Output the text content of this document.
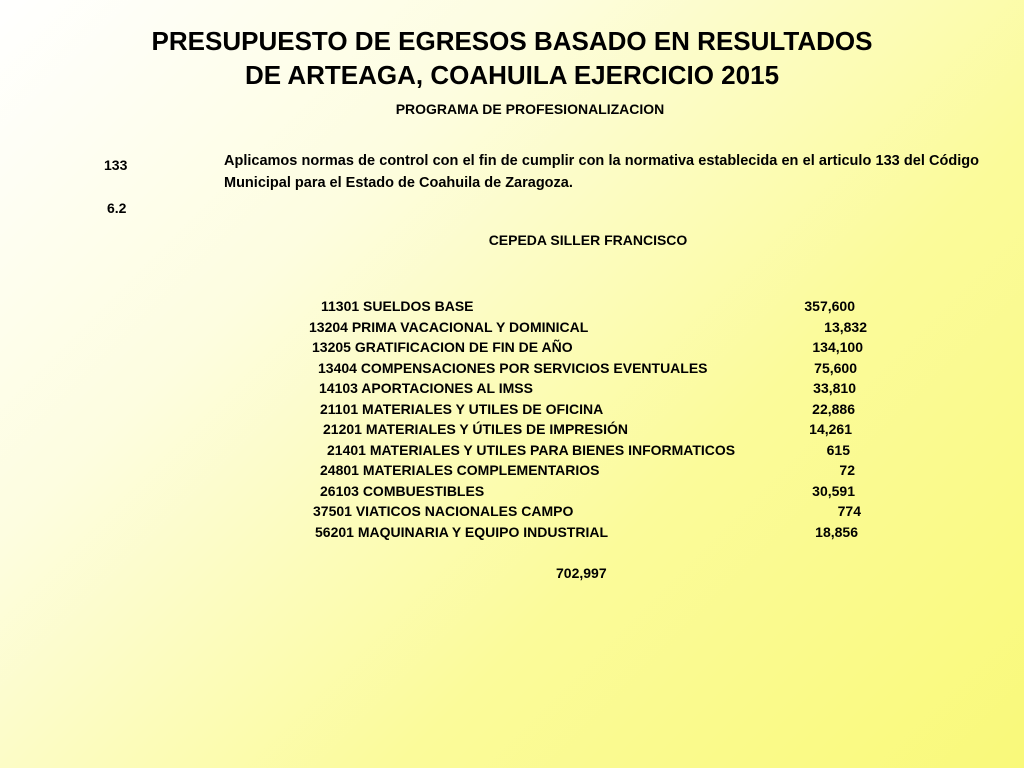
PRESUPUESTO DE EGRESOS BASADO EN RESULTADOS
DE ARTEAGA, COAHUILA EJERCICIO 2015
PROGRAMA DE PROFESIONALIZACION
133
6.2
Aplicamos normas de control con el fin de cumplir con la normativa establecida en el articulo 133 del Código Municipal para el Estado de Coahuila de Zaragoza.
CEPEDA SILLER FRANCISCO
11301 SUELDOS BASE	357,600
13204 PRIMA VACACIONAL Y DOMINICAL	13,832
13205 GRATIFICACION DE FIN DE AÑO	134,100
13404 COMPENSACIONES POR SERVICIOS EVENTUALES	75,600
14103 APORTACIONES AL IMSS	33,810
21101 MATERIALES Y UTILES DE OFICINA	22,886
21201 MATERIALES Y ÚTILES DE IMPRESIÓN	14,261
21401 MATERIALES Y UTILES PARA BIENES INFORMATICOS	615
24801 MATERIALES COMPLEMENTARIOS	72
26103 COMBUESTIBLES	30,591
37501 VIATICOS NACIONALES CAMPO	774
56201 MAQUINARIA Y EQUIPO INDUSTRIAL	18,856
702,997
